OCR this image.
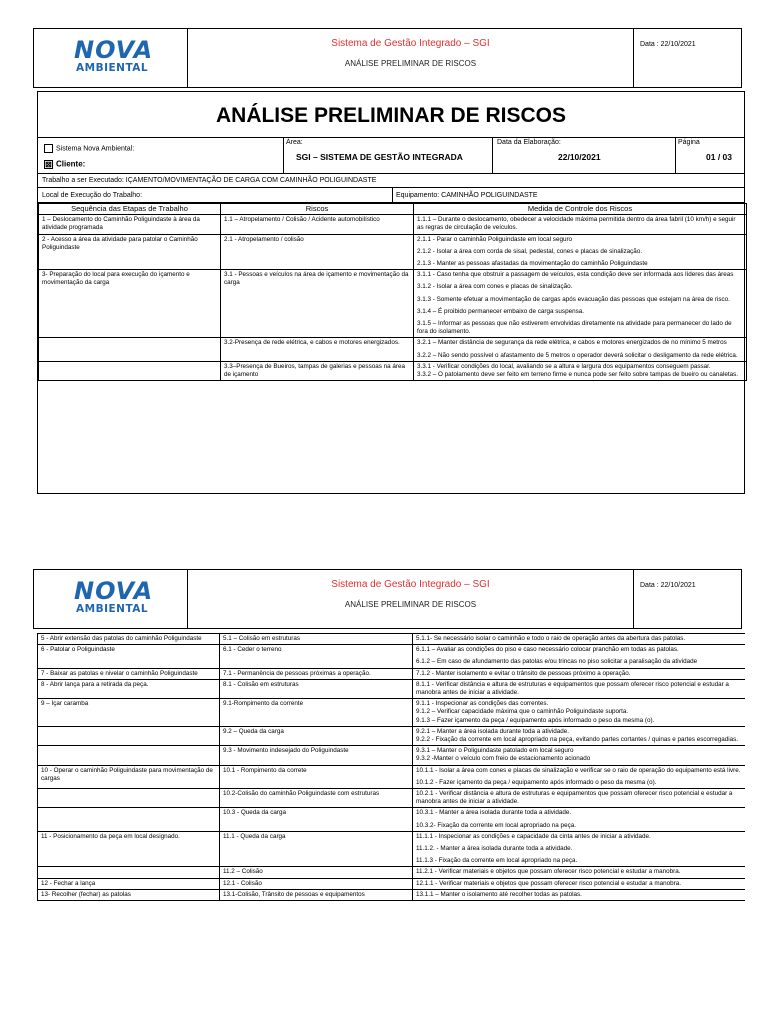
NOVA
AMBIENTAL
Sistema de Gestão Integrado – SGI
ANÁLISE PRELIMINAR DE RISCOS
Data : 22/10/2021
ANÁLISE PRELIMINAR DE RISCOS
Sistema Nova Ambiental:
⊠ Cliente:
Área:
SGI – SISTEMA DE GESTÃO INTEGRADA
Data da Elaboração:
22/10/2021
Página
01 / 03
Trabalho a ser Executado: IÇAMENTO/MOVIMENTAÇÃO DE CARGA COM CAMINHÃO POLIGUINDASTE
Local de Execução do Trabalho:	Equipamento: CAMINHÃO POLIGUINDASTE
Sequência das Etapas de Trabalho	Riscos	Medida de Controle dos Riscos
1 – Deslocamento do Caminhão Poliguindaste à área da atividade programada	1.1 – Atropelamento / Colisão / Acidente automobilístico	1.1.1 – Durante o deslocamento, obedecer a velocidade máxima permitida dentro da área fabril (10 km/h) e seguir as regras de circulação de veículos.

2 - Acesso a área da atividade para patolar o Caminhão Poliguindaste	2.1 - Atropelamento / colisão	2.1.1 - Parar o caminhão Poliguindaste em local seguro

2.1.2 - Isolar a área com corda de sisal, pedestal, cones e placas de sinalização.

2.1.3 - Manter as pessoas afastadas da movimentação do caminhão Poliguindaste

3- Preparação do local para execução do içamento e movimentação da carga	3.1 - Pessoas e veículos na área de içamento e movimentação da carga	3.1.1 - Caso tenha que obstruir a passagem de veículos, esta condição deve ser informada aos líderes das áreas

3.1.2 - Isolar a área com cones e placas de sinalização.

3.1.3 - Somente efetuar a movimentação de cargas após evacuação das pessoas que estejam na área de risco.

3.1.4 – É proibido permanecer embaixo de carga suspensa.

3.1.5 – Informar as pessoas que não estiverem envolvidas diretamente na atividade para permanecer do lado de fora do isolamento.

	3.2-Presença de rede elétrica, e cabos e motores energizados.	3.2.1 – Manter distância de segurança da rede elétrica, e cabos e motores energizados de no mínimo 5 metros

3.2.2 – Não sendo possível o afastamento de 5 metros o operador deverá solicitar o desligamento da rede elétrica.

	3.3–Presença de Bueiros, tampas de galerias e pessoas na área de içamento	3.3.1 - Verificar condições do local, avaliando se a altura e largura dos equipamentos conseguem passar.
3.3.2 – O patolamento deve ser feito em terreno firme e nunca pode ser feito sobre tampas de bueiro ou canaletas.

NOVA
AMBIENTAL
Sistema de Gestão Integrado – SGI
ANÁLISE PRELIMINAR DE RISCOS
Data : 22/10/2021
5 - Abrir extensão das patolas do caminhão Poliguindaste	5.1 – Colisão em estruturas	5.1.1- Se necessário isolar o caminhão e todo o raio de operação antes da abertura das patolas.

6 - Patolar o Poliguindaste	6.1 - Ceder o terreno	6.1.1 – Avaliar as condições do piso e caso necessário colocar pranchão em todas as patolas.

6.1.2 – Em caso de afundamento das patolas e/ou trincas no piso solicitar a paralisação da atividade

7 - Baixar as patolas e nivelar o caminhão Poliguindaste	7.1 - Permanência de pessoas próximas a operação.	7.1.2 - Manter isolamento e evitar o trânsito de pessoas próximo a operação.

8 - Abrir lança para a retirada da peça.	8.1 - Colisão em estruturas	8.1.1 - Verificar distância e altura de estruturas e equipamentos que possam oferecer risco potencial e estudar a manobra antes de iniciar a atividade.

9 – Içar caramba	9.1-Rompimento da corrente	9.1.1 - Inspecionar as condições das correntes.
9.1.2 – Verificar capacidade máxima que o caminhão Poliguindaste suporta.
9.1.3 – Fazer içamento da peça / equipamento após informado o peso da mesma (o).

	9.2 – Queda da carga	9.2.1 – Manter a área isolada durante toda a atividade.
9.2.2 - Fixação da corrente em local apropriado na peça, evitando partes cortantes / quinas e partes escorregadias.

	9.3 - Movimento indesejado do Poliguindaste	9.3.1 – Manter o Poliguindaste patolado em local seguro
9.3.2 -Manter o veículo com freio de estacionamento acionado

10 - Operar o caminhão Poliguindaste para movimentação de cargas	10.1 - Rompimento da correte	10.1.1 - Isolar a área com cones e placas de sinalização e verificar se o raio de operação do equipamento está livre.

10.1.2 - Fazer içamento da peça / equipamento após informado o peso da mesma (o).

	10.2-Colisão do caminhão Poliguindaste com estruturas	10.2.1 - Verificar distância e altura de estruturas e equipamentos que possam oferecer risco potencial e estudar a manobra antes de iniciar a atividade.

	10.3 - Queda da carga	10.3.1 - Manter a área isolada durante toda a atividade.

10.3.2- Fixação da corrente em local apropriado na peça.

11 - Posicionamento da peça em local designado.	11.1 - Queda da carga	11.1.1 - Inspecionar as condições e capacidade da cinta antes de iniciar a atividade.

11.1.2. - Manter a área isolada durante toda a atividade.

11.1.3 - Fixação da corrente em local apropriado na peça.

	11.2 – Colisão	11.2.1 - Verificar materiais e objetos que possam oferecer risco potencial e estudar a manobra.

12 - Fechar a lança	12.1 - Colisão	12.1.1 - Verificar materiais e objetos que possam oferecer risco potencial e estudar a manobra.

13- Recolher (fechar) as patolas	13.1-Colisão, Trânsito de pessoas e equipamentos	13.1.1 – Manter o isolamento até recolher todas as patolas.
